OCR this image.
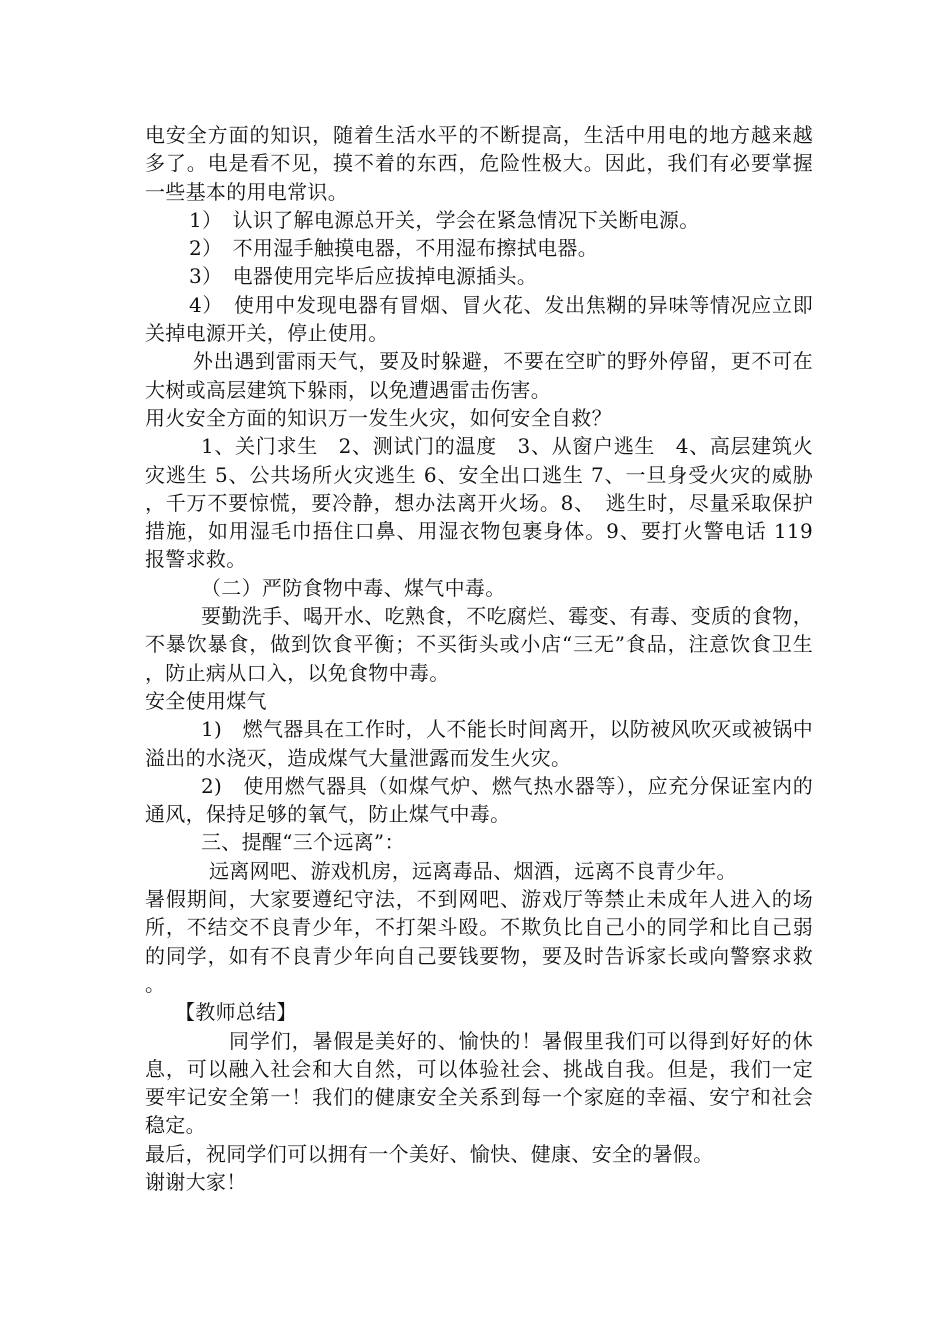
电安全方面的知识，随着生活水平的不断提高，生活中用电的地方越来越多了。电是看不见，摸不着的东西，危险性极大。因此，我们有必要掌握一些基本的用电常识。

1）　认识了解电源总开关，学会在紧急情况下关断电源。

2）　不用湿手触摸电器，不用湿布擦拭电器。

3）　电器使用完毕后应拔掉电源插头。

4）　使用中发现电器有冒烟、冒火花、发出焦糊的异味等情况应立即关掉电源开关，停止使用。

外出遇到雷雨天气，要及时躲避，不要在空旷的野外停留，更不可在大树或高层建筑下躲雨，以免遭遇雷击伤害。

用火安全方面的知识万一发生火灾，如何安全自救？

1、关门求生　2、测试门的温度　3、从窗户逃生　4、高层建筑火灾逃生 5、公共场所火灾逃生 6、安全出口逃生 7、一旦身受火灾的威胁，千万不要惊慌，要冷静，想办法离开火场。8、　逃生时，尽量采取保护措施，如用湿毛巾捂住口鼻、用湿衣物包裹身体。9、要打火警电话 119 报警求救。

（二）严防食物中毒、煤气中毒。

要勤洗手、喝开水、吃熟食，不吃腐烂、霉变、有毒、变质的食物，不暴饮暴食，做到饮食平衡；不买街头或小店“三无”食品，注意饮食卫生，防止病从口入，以免食物中毒。

安全使用煤气

1)　燃气器具在工作时，人不能长时间离开，以防被风吹灭或被锅中溢出的水浇灭，造成煤气大量泄露而发生火灾。

2)　使用燃气器具（如煤气炉、燃气热水器等），应充分保证室内的通风，保持足够的氧气，防止煤气中毒。

三、提醒“三个远离”：

远离网吧、游戏机房，远离毒品、烟酒，远离不良青少年。

暑假期间，大家要遵纪守法，不到网吧、游戏厅等禁止未成年人进入的场所，不结交不良青少年，不打架斗殴。不欺负比自己小的同学和比自己弱的同学，如有不良青少年向自己要钱要物，要及时告诉家长或向警察求救。

【教师总结】

同学们，暑假是美好的、愉快的！暑假里我们可以得到好好的休息，可以融入社会和大自然，可以体验社会、挑战自我。但是，我们一定要牢记安全第一！我们的健康安全关系到每一个家庭的幸福、安宁和社会稳定。

最后，祝同学们可以拥有一个美好、愉快、健康、安全的暑假。

谢谢大家！
